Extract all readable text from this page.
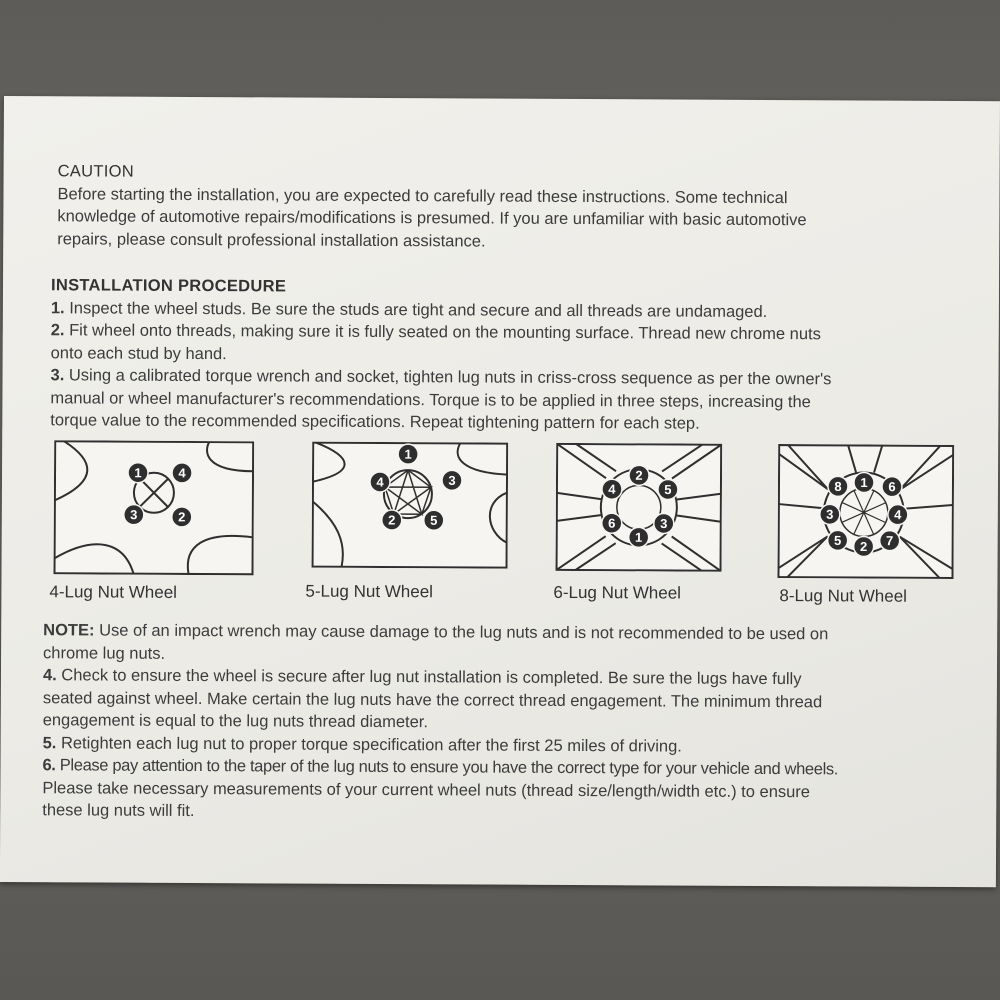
CAUTION
Before starting the installation, you are expected to carefully read these instructions. Some technical
knowledge of automotive repairs/modifications is presumed. If you are unfamiliar with basic automotive
repairs, please consult professional installation assistance.
INSTALLATION PROCEDURE
1. Inspect the wheel studs. Be sure the studs are tight and secure and all threads are undamaged.
2. Fit wheel onto threads, making sure it is fully seated on the mounting surface. Thread new chrome nuts
onto each stud by hand.
3. Using a calibrated torque wrench and socket, tighten lug nuts in criss-cross sequence as per the owner's
manual or wheel manufacturer's recommendations. Torque is to be applied in three steps, increasing the
torque value to the recommended specifications. Repeat tightening pattern for each step.
1	4
2
3
1
3
5
2
4	2
5
3
1
6
4	1 6
4
7
2
5
3
8
4-Lug Nut Wheel	5-Lug Nut Wheel	6-Lug Nut Wheel	8-Lug Nut Wheel
NOTE: Use of an impact wrench may cause damage to the lug nuts and is not recommended to be used on
chrome lug nuts.
4. Check to ensure the wheel is secure after lug nut installation is completed. Be sure the lugs have fully
seated against wheel. Make certain the lug nuts have the correct thread engagement. The minimum thread
engagement is equal to the lug nuts thread diameter.
5. Retighten each lug nut to proper torque specification after the first 25 miles of driving.
6. Please pay attention to the taper of the lug nuts to ensure you have the correct type for your vehicle and wheels.
Please take necessary measurements of your current wheel nuts (thread size/length/width etc.) to ensure
these lug nuts will fit.
